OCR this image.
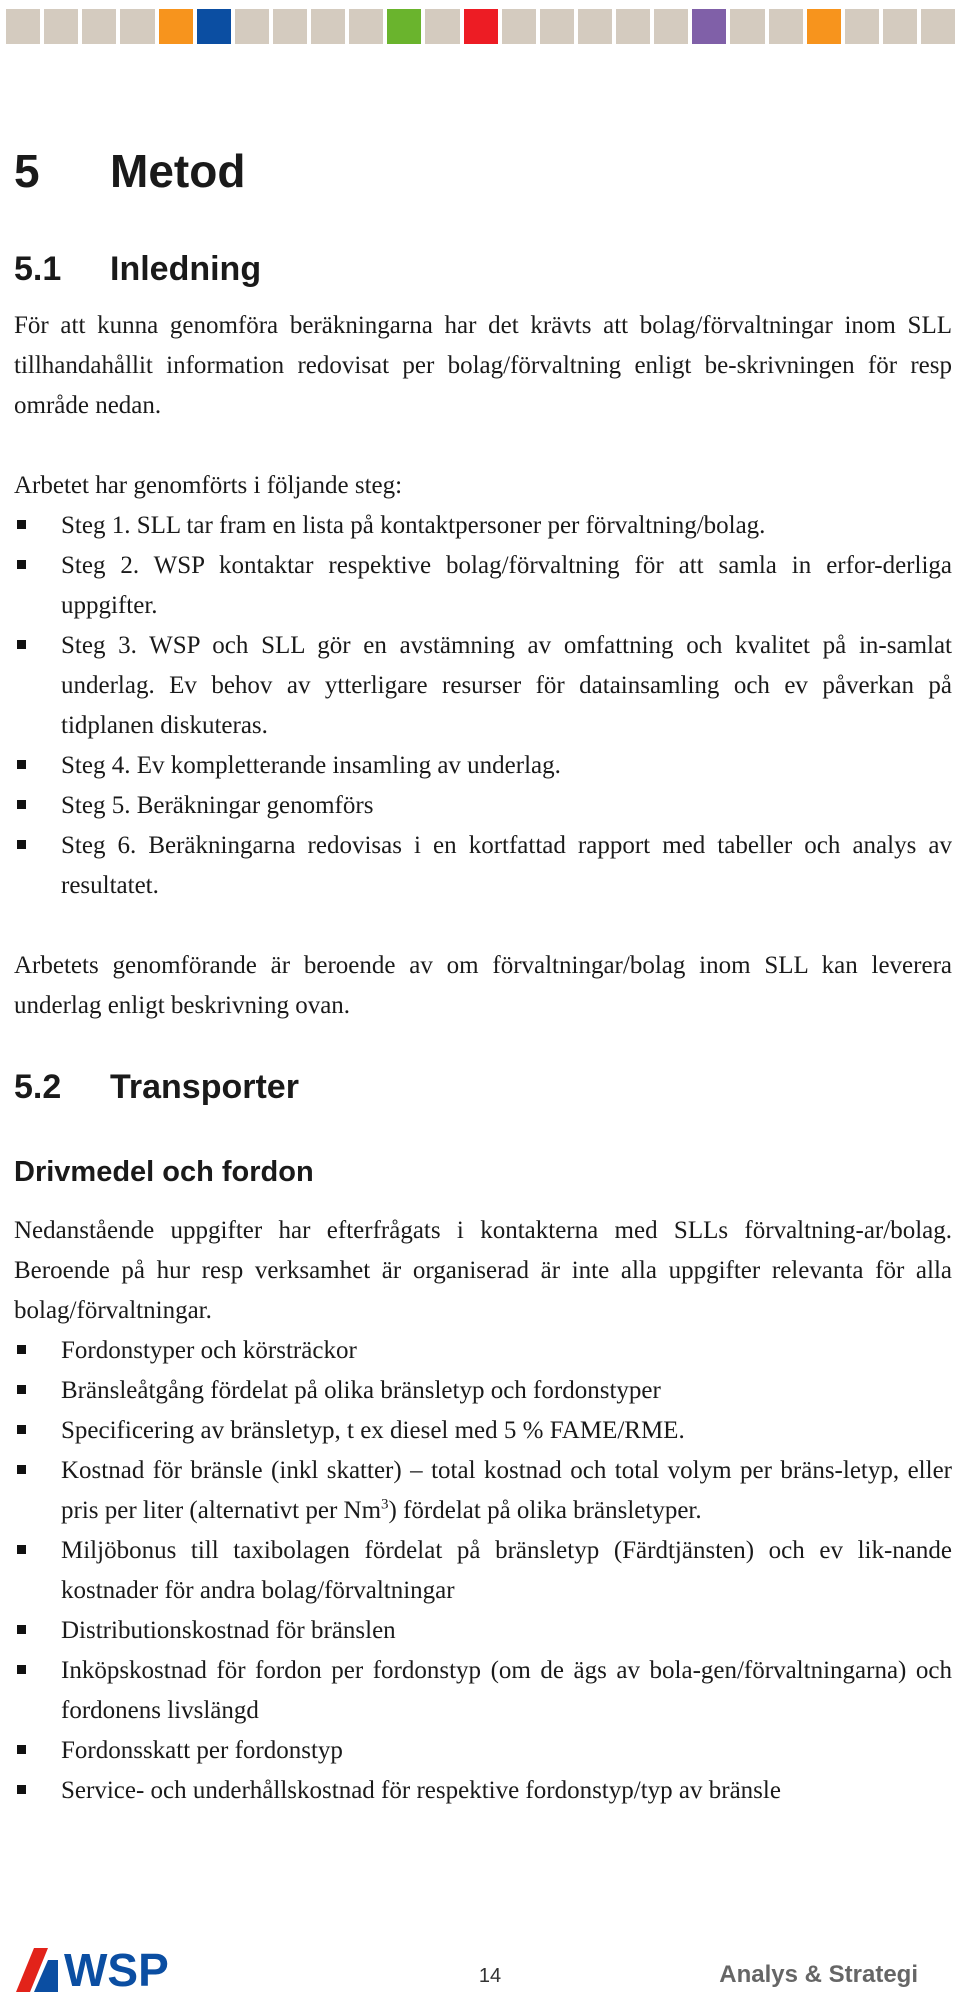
5	Metod
5.1	Inledning

För att kunna genomföra beräkningarna har det krävts att bolag/förvaltningar inom SLL tillhandahållit information redovisat per bolag/förvaltning enligt be-skrivningen för resp område nedan.

Arbetet har genomförts i följande steg:

Steg 1. SLL tar fram en lista på kontaktpersoner per förvaltning/bolag.
Steg 2. WSP kontaktar respektive bolag/förvaltning för att samla in erfor-derliga uppgifter.
Steg 3. WSP och SLL gör en avstämning av omfattning och kvalitet på in-samlat underlag. Ev behov av ytterligare resurser för datainsamling och ev påverkan på tidplanen diskuteras.
Steg 4. Ev kompletterande insamling av underlag.
Steg 5. Beräkningar genomförs
Steg 6. Beräkningarna redovisas i en kortfattad rapport med tabeller och analys av resultatet.

Arbetets genomförande är beroende av om förvaltningar/bolag inom SLL kan leverera underlag enligt beskrivning ovan.

5.2	Transporter
Drivmedel och fordon

Nedanstående uppgifter har efterfrågats i kontakterna med SLLs förvaltning-ar/bolag. Beroende på hur resp verksamhet är organiserad är inte alla uppgifter relevanta för alla bolag/förvaltningar.

Fordonstyper och körsträckor
Bränsleåtgång fördelat på olika bränsletyp och fordonstyper
Specificering av bränsletyp, t ex diesel med 5 % FAME/RME.
Kostnad för bränsle (inkl skatter) – total kostnad och total volym per bräns-letyp, eller pris per liter (alternativt per Nm$^3$) fördelat på olika bränsletyper.
Miljöbonus till taxibolagen fördelat på bränsletyp (Färdtjänsten) och ev lik-nande kostnader för andra bolag/förvaltningar
Distributionskostnad för bränslen
Inköpskostnad för fordon per fordonstyp (om de ägs av bola-gen/förvaltningarna) och fordonens livslängd
Fordonsskatt per fordonstyp
Service- och underhållskostnad för respektive fordonstyp/typ av bränsle
WSP	14	Analys & Strategi
